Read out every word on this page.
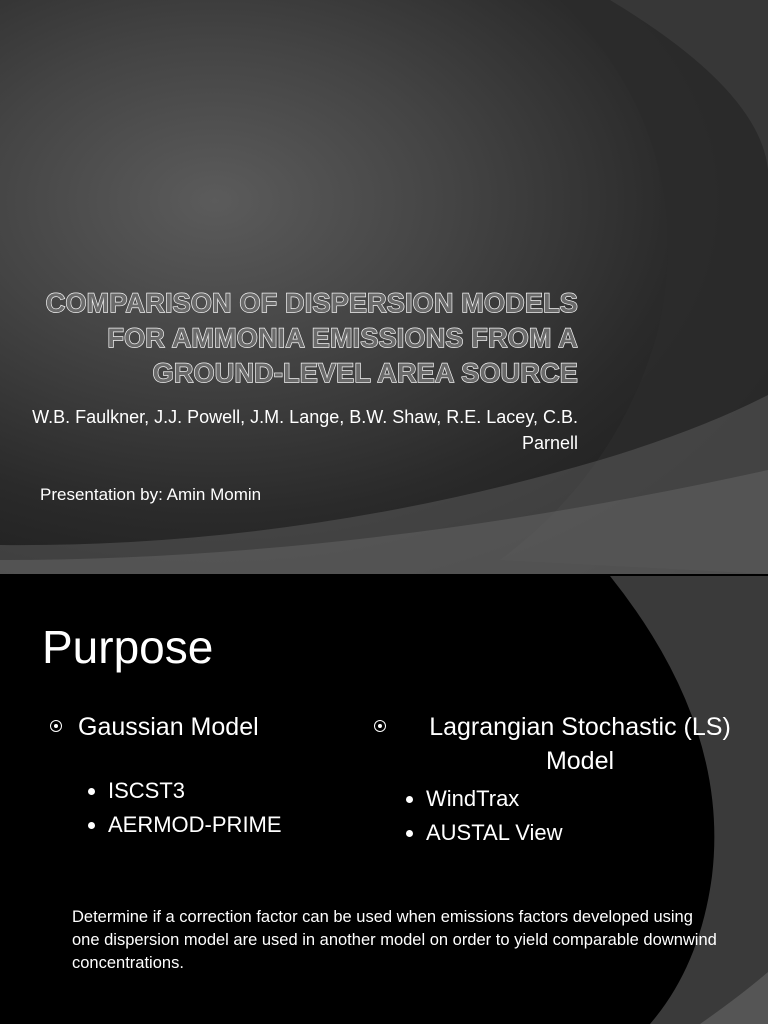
COMPARISON OF DISPERSION MODELS FOR AMMONIA EMISSIONS FROM A GROUND-LEVEL AREA SOURCE
W.B. Faulkner, J.J. Powell, J.M. Lange, B.W. Shaw, R.E. Lacey, C.B. Parnell
Presentation by: Amin Momin
Purpose
Gaussian Model
ISCST3
AERMOD-PRIME
Lagrangian Stochastic (LS) Model
WindTrax
AUSTAL View
Determine if a correction factor can be used when emissions factors developed using one dispersion model are used in another model on order to yield comparable downwind concentrations.
